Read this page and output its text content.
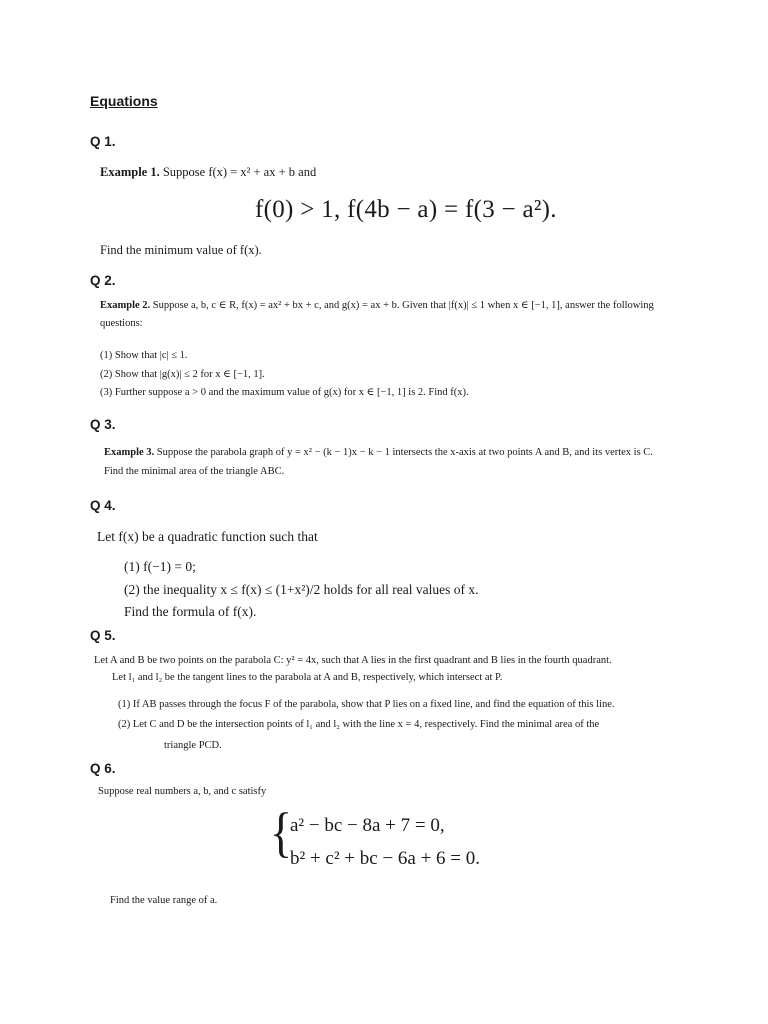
Equations
Q 1.
Example 1. Suppose f(x) = x² + ax + b and
f(0) > 1, f(4b − a) = f(3 − a²).
Find the minimum value of f(x).
Q 2.
Example 2. Suppose a, b, c ∈ R, f(x) = ax² + bx + c, and g(x) = ax + b. Given that |f(x)| ≤ 1 when x ∈ [−1, 1], answer the following
questions:
(1) Show that |c| ≤ 1.
(2) Show that |g(x)| ≤ 2 for x ∈ [−1, 1].
(3) Further suppose a > 0 and the maximum value of g(x) for x ∈ [−1, 1] is 2. Find f(x).
Q 3.
Example 3. Suppose the parabola graph of y = x² − (k − 1)x − k − 1 intersects the x-axis at two points A and B, and its vertex is C.
Find the minimal area of the triangle ABC.
Q 4.
Let f(x) be a quadratic function such that
(1) f(−1) = 0;
(2) the inequality x ≤ f(x) ≤ (1+x²)/2 holds for all real values of x.
Find the formula of f(x).
Q 5.
Let A and B be two points on the parabola C: y² = 4x, such that A lies in the first quadrant and B lies in the fourth quadrant.
Let l₁ and l₂ be the tangent lines to the parabola at A and B, respectively, which intersect at P.
(1) If AB passes through the focus F of the parabola, show that P lies on a fixed line, and find the equation of this line.
(2) Let C and D be the intersection points of l₁ and l₂ with the line x = 4, respectively. Find the minimal area of the
triangle PCD.
Q 6.
Suppose real numbers a, b, and c satisfy
{
a² − bc − 8a + 7 = 0,
b² + c² + bc − 6a + 6 = 0.
Find the value range of a.
